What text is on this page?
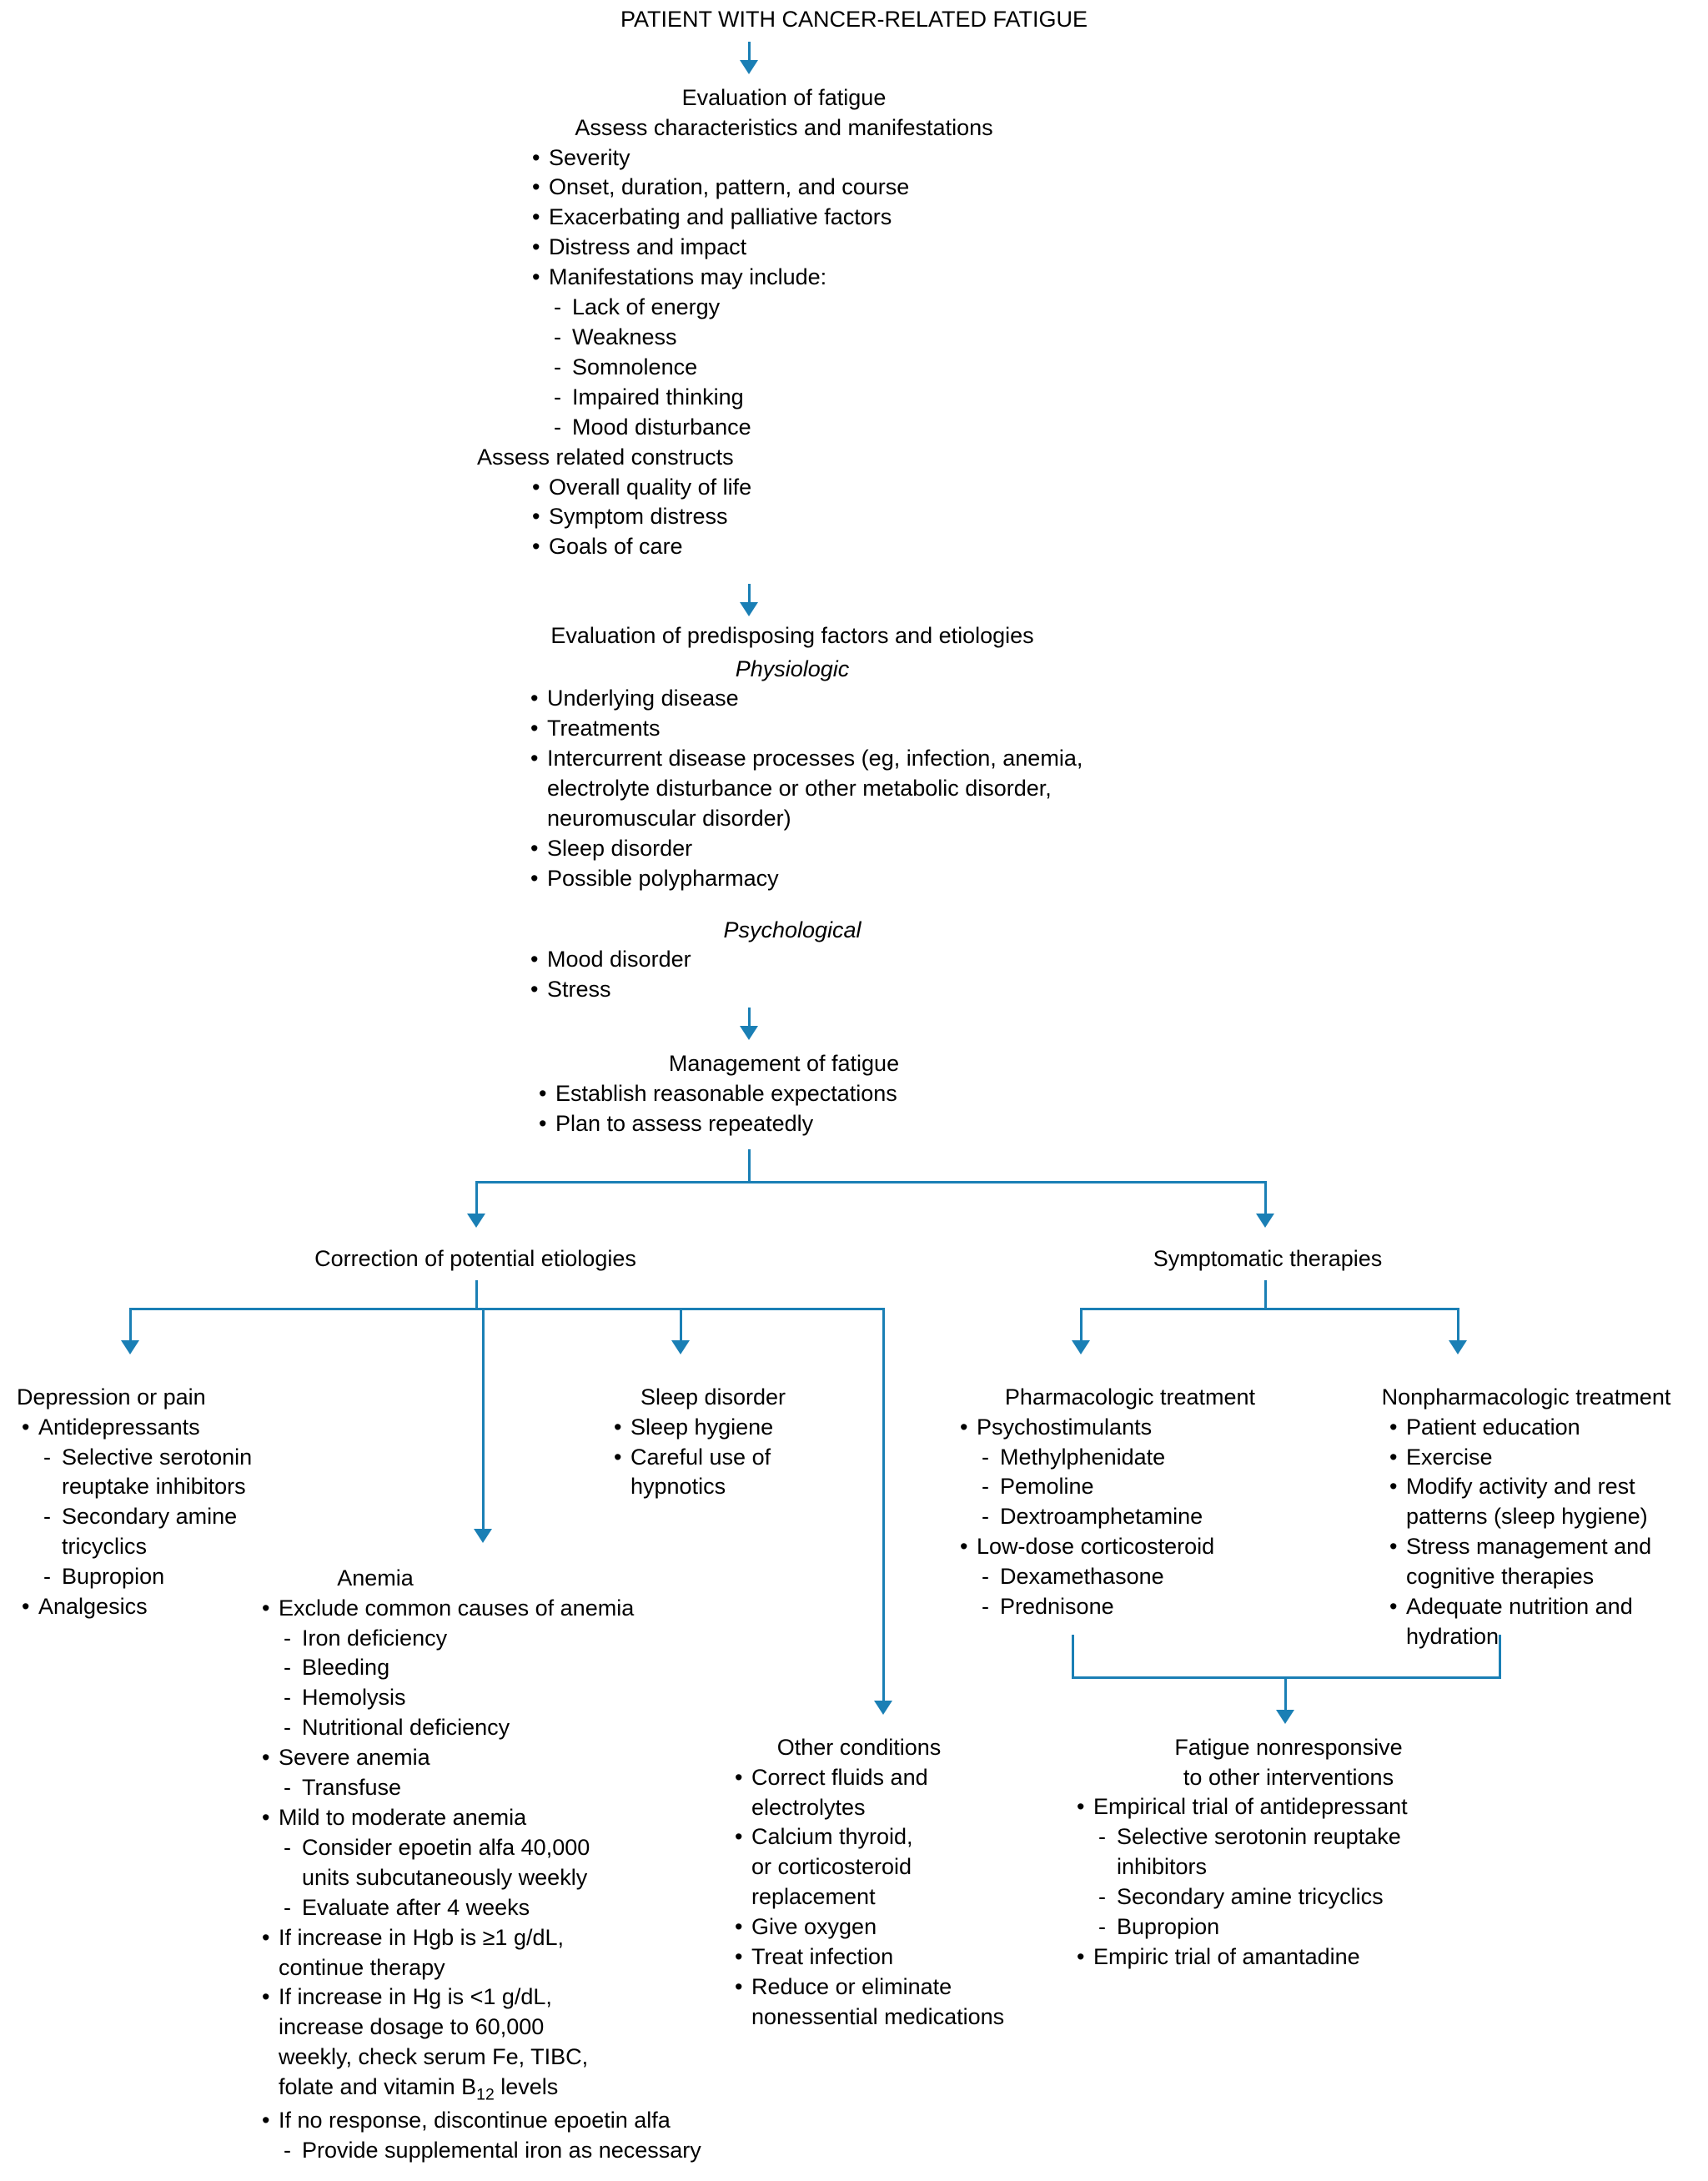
PATIENT WITH CANCER-RELATED FATIGUE
Evaluation of fatigue
Assess characteristics and manifestations
• Severity
• Onset, duration, pattern, and course
• Exacerbating and palliative factors
• Distress and impact
• Manifestations may include:
- Lack of energy
- Weakness
- Somnolence
- Impaired thinking
- Mood disturbance
Assess related constructs
• Overall quality of life
• Symptom distress
• Goals of care
Evaluation of predisposing factors and etiologies
Physiologic
• Underlying disease
• Treatments
• Intercurrent disease processes (eg, infection, anemia,
electrolyte disturbance or other metabolic disorder,
neuromuscular disorder)
• Sleep disorder
• Possible polypharmacy
Psychological
• Mood disorder
• Stress
Management of fatigue
• Establish reasonable expectations
• Plan to assess repeatedly
Correction of potential etiologies	Symptomatic therapies
Depression or pain
• Antidepressants
- Selective serotonin
reuptake inhibitors
- Secondary amine
tricyclics
- Bupropion
• Analgesics
Sleep disorder
• Sleep hygiene
• Careful use of
hypnotics
Anemia
• Exclude common causes of anemia
- Iron deficiency
- Bleeding
- Hemolysis
- Nutritional deficiency
• Severe anemia
- Transfuse
• Mild to moderate anemia
- Consider epoetin alfa 40,000
units subcutaneously weekly
- Evaluate after 4 weeks
• If increase in Hgb is ≥1 g/dL,
continue therapy
• If increase in Hg is <1 g/dL,
increase dosage to 60,000
weekly, check serum Fe, TIBC,
folate and vitamin $B_{12}$ levels
• If no response, discontinue epoetin alfa
- Provide supplemental iron as necessary
Other conditions
• Correct fluids and
electrolytes
• Calcium thyroid,
or corticosteroid
replacement
• Give oxygen
• Treat infection
• Reduce or eliminate
nonessential medications
Pharmacologic treatment
• Psychostimulants
- Methylphenidate
- Pemoline
- Dextroamphetamine
• Low-dose corticosteroid
- Dexamethasone
- Prednisone
Nonpharmacologic treatment
• Patient education
• Exercise
• Modify activity and rest
patterns (sleep hygiene)
• Stress management and
cognitive therapies
• Adequate nutrition and
hydration
Fatigue nonresponsive
to other interventions
• Empirical trial of antidepressant
- Selective serotonin reuptake
inhibitors
- Secondary amine tricyclics
- Bupropion
• Empiric trial of amantadine
